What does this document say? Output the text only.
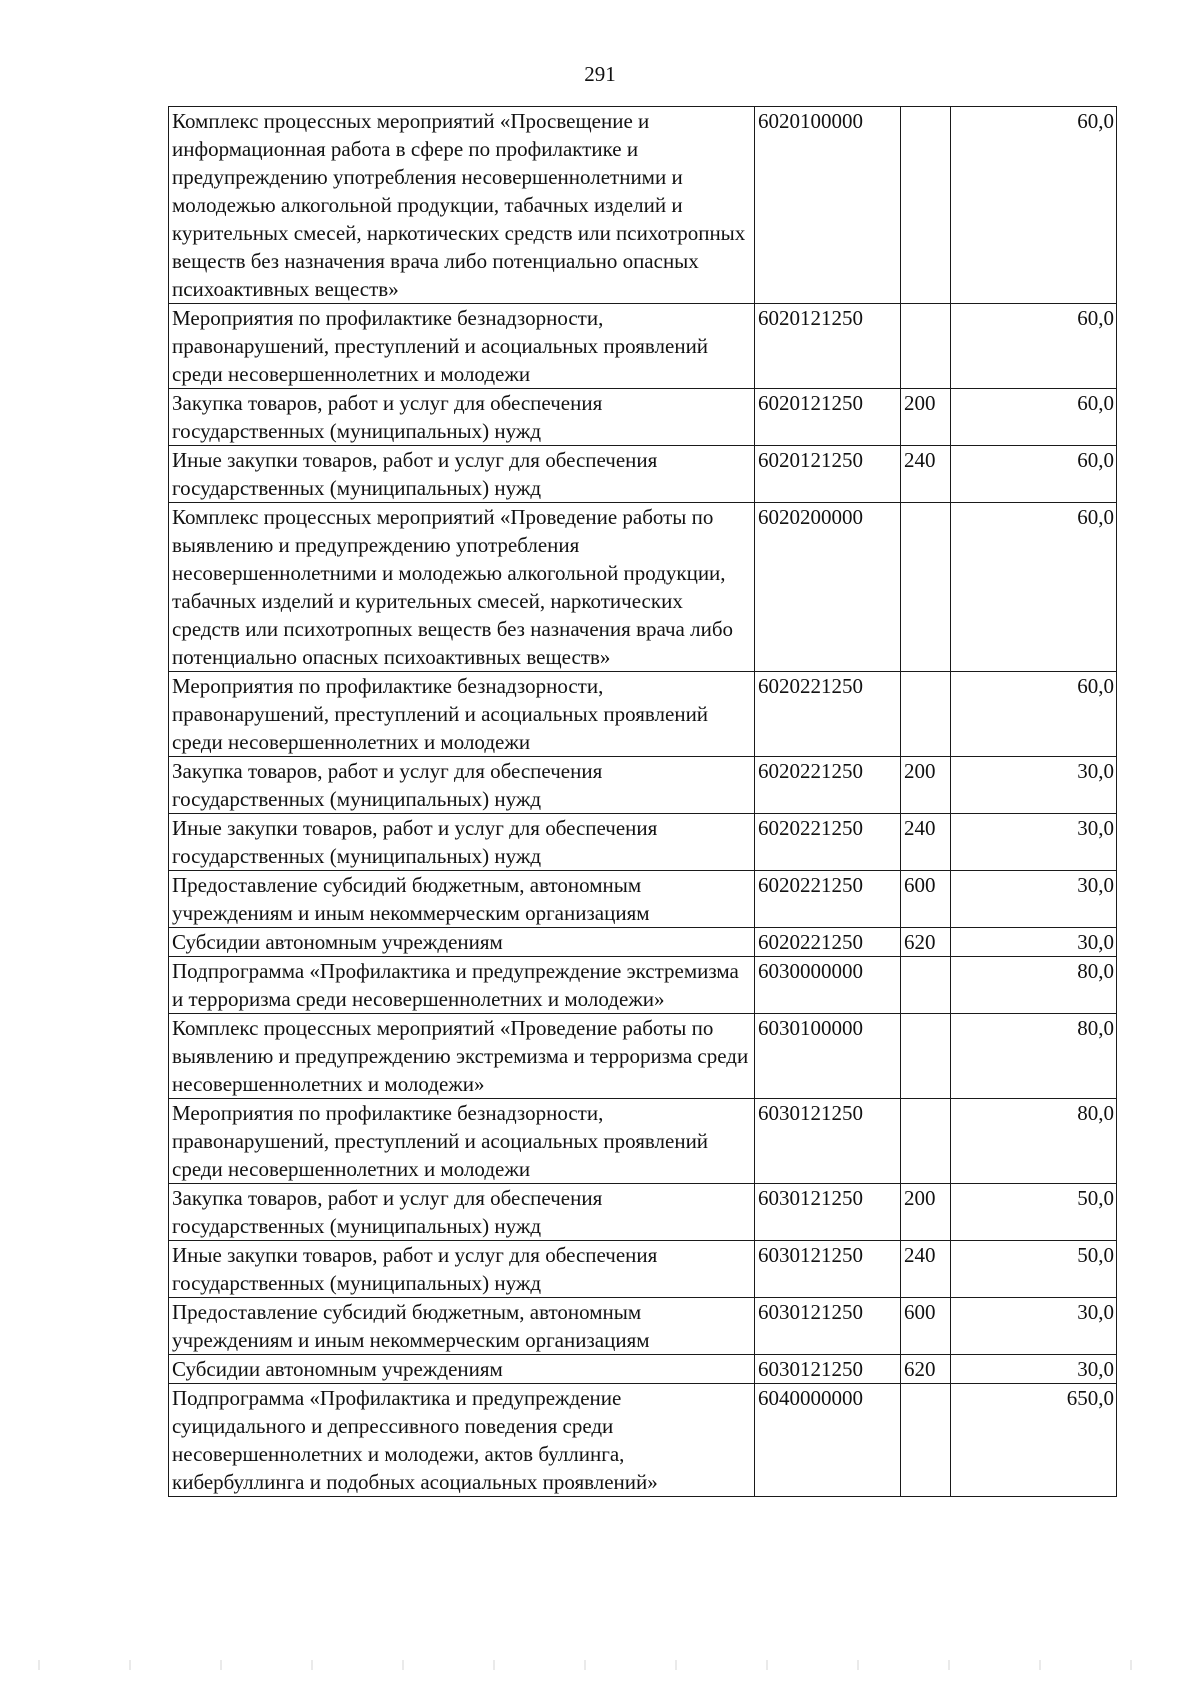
291
Комплекс процессных мероприятий «Просвещение и информационная работа в сфере по профилактике и предупреждению употребления несовершеннолетними и молодежью алкогольной продукции, табачных изделий и курительных смесей, наркотических средств или психотропных веществ без назначения врача либо потенциально опасных психоактивных веществ»	6020100000		60,0
Мероприятия по профилактике безнадзорности, правонарушений, преступлений и асоциальных проявлений среди несовершеннолетних и молодежи	6020121250		60,0
Закупка товаров, работ и услуг для обеспечения государственных (муниципальных) нужд	6020121250	200	60,0
Иные закупки товаров, работ и услуг для обеспечения государственных (муниципальных) нужд	6020121250	240	60,0
Комплекс процессных мероприятий «Проведение работы по выявлению и предупреждению употребления несовершеннолетними и молодежью алкогольной продукции, табачных изделий и курительных смесей, наркотических средств или психотропных веществ без назначения врача либо потенциально опасных психоактивных веществ»	6020200000		60,0
Мероприятия по профилактике безнадзорности, правонарушений, преступлений и асоциальных проявлений среди несовершеннолетних и молодежи	6020221250		60,0
Закупка товаров, работ и услуг для обеспечения государственных (муниципальных) нужд	6020221250	200	30,0
Иные закупки товаров, работ и услуг для обеспечения государственных (муниципальных) нужд	6020221250	240	30,0
Предоставление субсидий бюджетным, автономным учреждениям и иным некоммерческим организациям	6020221250	600	30,0
Субсидии автономным учреждениям	6020221250	620	30,0
Подпрограмма «Профилактика и предупреждение экстремизма и терроризма среди несовершеннолетних и молодежи»	6030000000		80,0
Комплекс процессных мероприятий «Проведение работы по выявлению и предупреждению экстремизма и терроризма среди несовершеннолетних и молодежи»	6030100000		80,0
Мероприятия по профилактике безнадзорности, правонарушений, преступлений и асоциальных проявлений среди несовершеннолетних и молодежи	6030121250		80,0
Закупка товаров, работ и услуг для обеспечения государственных (муниципальных) нужд	6030121250	200	50,0
Иные закупки товаров, работ и услуг для обеспечения государственных (муниципальных) нужд	6030121250	240	50,0
Предоставление субсидий бюджетным, автономным учреждениям и иным некоммерческим организациям	6030121250	600	30,0
Субсидии автономным учреждениям	6030121250	620	30,0
Подпрограмма «Профилактика и предупреждение суицидального и депрессивного поведения среди несовершеннолетних и молодежи, актов буллинга, кибербуллинга и подобных асоциальных проявлений»	6040000000		650,0
